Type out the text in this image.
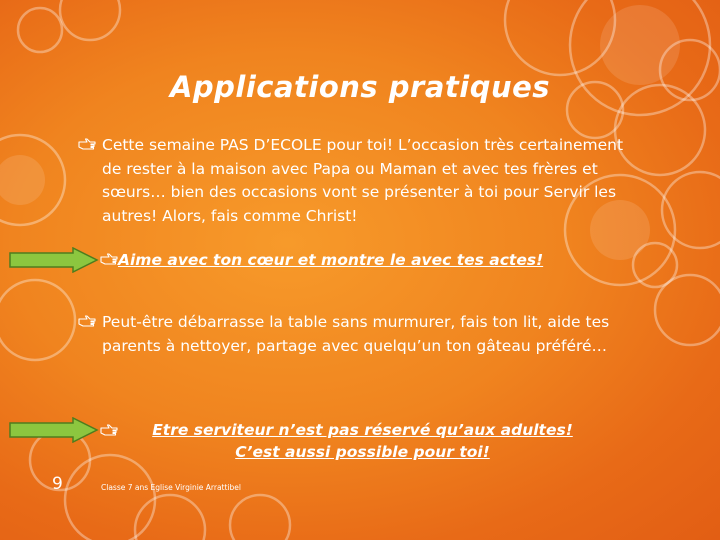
Applications pratiques
Cette semaine PAS D’ECOLE pour toi! L’occasion très certainement de rester à la maison avec Papa ou Maman et avec tes frères et sœurs… bien des occasions vont se présenter à toi pour Servir les autres! Alors, fais comme Christ!
Aime avec ton cœur et montre le avec tes actes!
Peut-être débarrasse la table sans murmurer, fais ton lit, aide tes parents à nettoyer, partage avec quelqu’un ton gâteau préféré…
Etre serviteur n’est pas réservé qu’aux adultes!
C’est aussi possible pour toi!
9	Classe 7 ans Eglise Virginie Arrattibel
